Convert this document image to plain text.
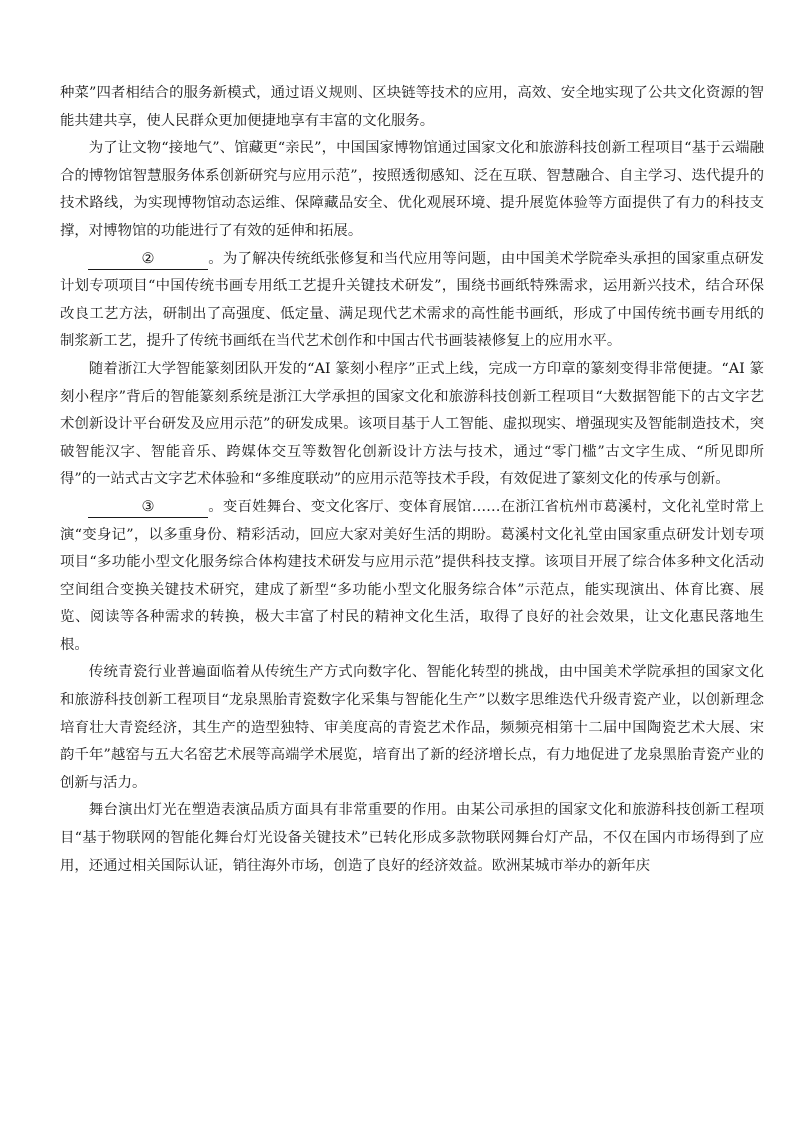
种菜”四者相结合的服务新模式，通过语义规则、区块链等技术的应用，高效、安全地实现了公共文化资源的智能共建共享，使人民群众更加便捷地享有丰富的文化服务。

为了让文物“接地气”、馆藏更“亲民”，中国国家博物馆通过国家文化和旅游科技创新工程项目“基于云端融合的博物馆智慧服务体系创新研究与应用示范”，按照透彻感知、泛在互联、智慧融合、自主学习、迭代提升的技术路线，为实现博物馆动态运维、保障藏品安全、优化观展环境、提升展览体验等方面提供了有力的科技支撑，对博物馆的功能进行了有效的延伸和拓展。

②	。为了解决传统纸张修复和当代应用等问题，由中国美术学院牵头承担的国家重点研发计划专项项目“中国传统书画专用纸工艺提升关键技术研发”，围绕书画纸特殊需求，运用新兴技术，结合环保改良工艺方法，研制出了高强度、低定量、满足现代艺术需求的高性能书画纸，形成了中国传统书画专用纸的制浆新工艺，提升了传统书画纸在当代艺术创作和中国古代书画装裱修复上的应用水平。

随着浙江大学智能篆刻团队开发的“AI 篆刻小程序”正式上线，完成一方印章的篆刻变得非常便捷。“AI 篆刻小程序”背后的智能篆刻系统是浙江大学承担的国家文化和旅游科技创新工程项目“大数据智能下的古文字艺术创新设计平台研发及应用示范”的研发成果。该项目基于人工智能、虚拟现实、增强现实及智能制造技术，突破智能汉字、智能音乐、跨媒体交互等数智化创新设计方法与技术，通过“零门槛”古文字生成、“所见即所得”的一站式古文字艺术体验和“多维度联动”的应用示范等技术手段，有效促进了篆刻文化的传承与创新。

③	。变百姓舞台、变文化客厅、变体育展馆……在浙江省杭州市葛溪村，文化礼堂时常上演“变身记”，以多重身份、精彩活动，回应大家对美好生活的期盼。葛溪村文化礼堂由国家重点研发计划专项项目“多功能小型文化服务综合体构建技术研发与应用示范”提供科技支撑。该项目开展了综合体多种文化活动空间组合变换关键技术研究，建成了新型“多功能小型文化服务综合体”示范点，能实现演出、体育比赛、展览、阅读等各种需求的转换，极大丰富了村民的精神文化生活，取得了良好的社会效果，让文化惠民落地生根。

传统青瓷行业普遍面临着从传统生产方式向数字化、智能化转型的挑战，由中国美术学院承担的国家文化和旅游科技创新工程项目“龙泉黑胎青瓷数字化采集与智能化生产”以数字思维迭代升级青瓷产业，以创新理念培育壮大青瓷经济，其生产的造型独特、审美度高的青瓷艺术作品，频频亮相第十二届中国陶瓷艺术大展、宋韵千年”越窑与五大名窑艺术展等高端学术展览，培育出了新的经济增长点，有力地促进了龙泉黑胎青瓷产业的创新与活力。

舞台演出灯光在塑造表演品质方面具有非常重要的作用。由某公司承担的国家文化和旅游科技创新工程项目“基于物联网的智能化舞台灯光设备关键技术”已转化形成多款物联网舞台灯产品，不仅在国内市场得到了应用，还通过相关国际认证，销往海外市场，创造了良好的经济效益。欧洲某城市举办的新年庆
